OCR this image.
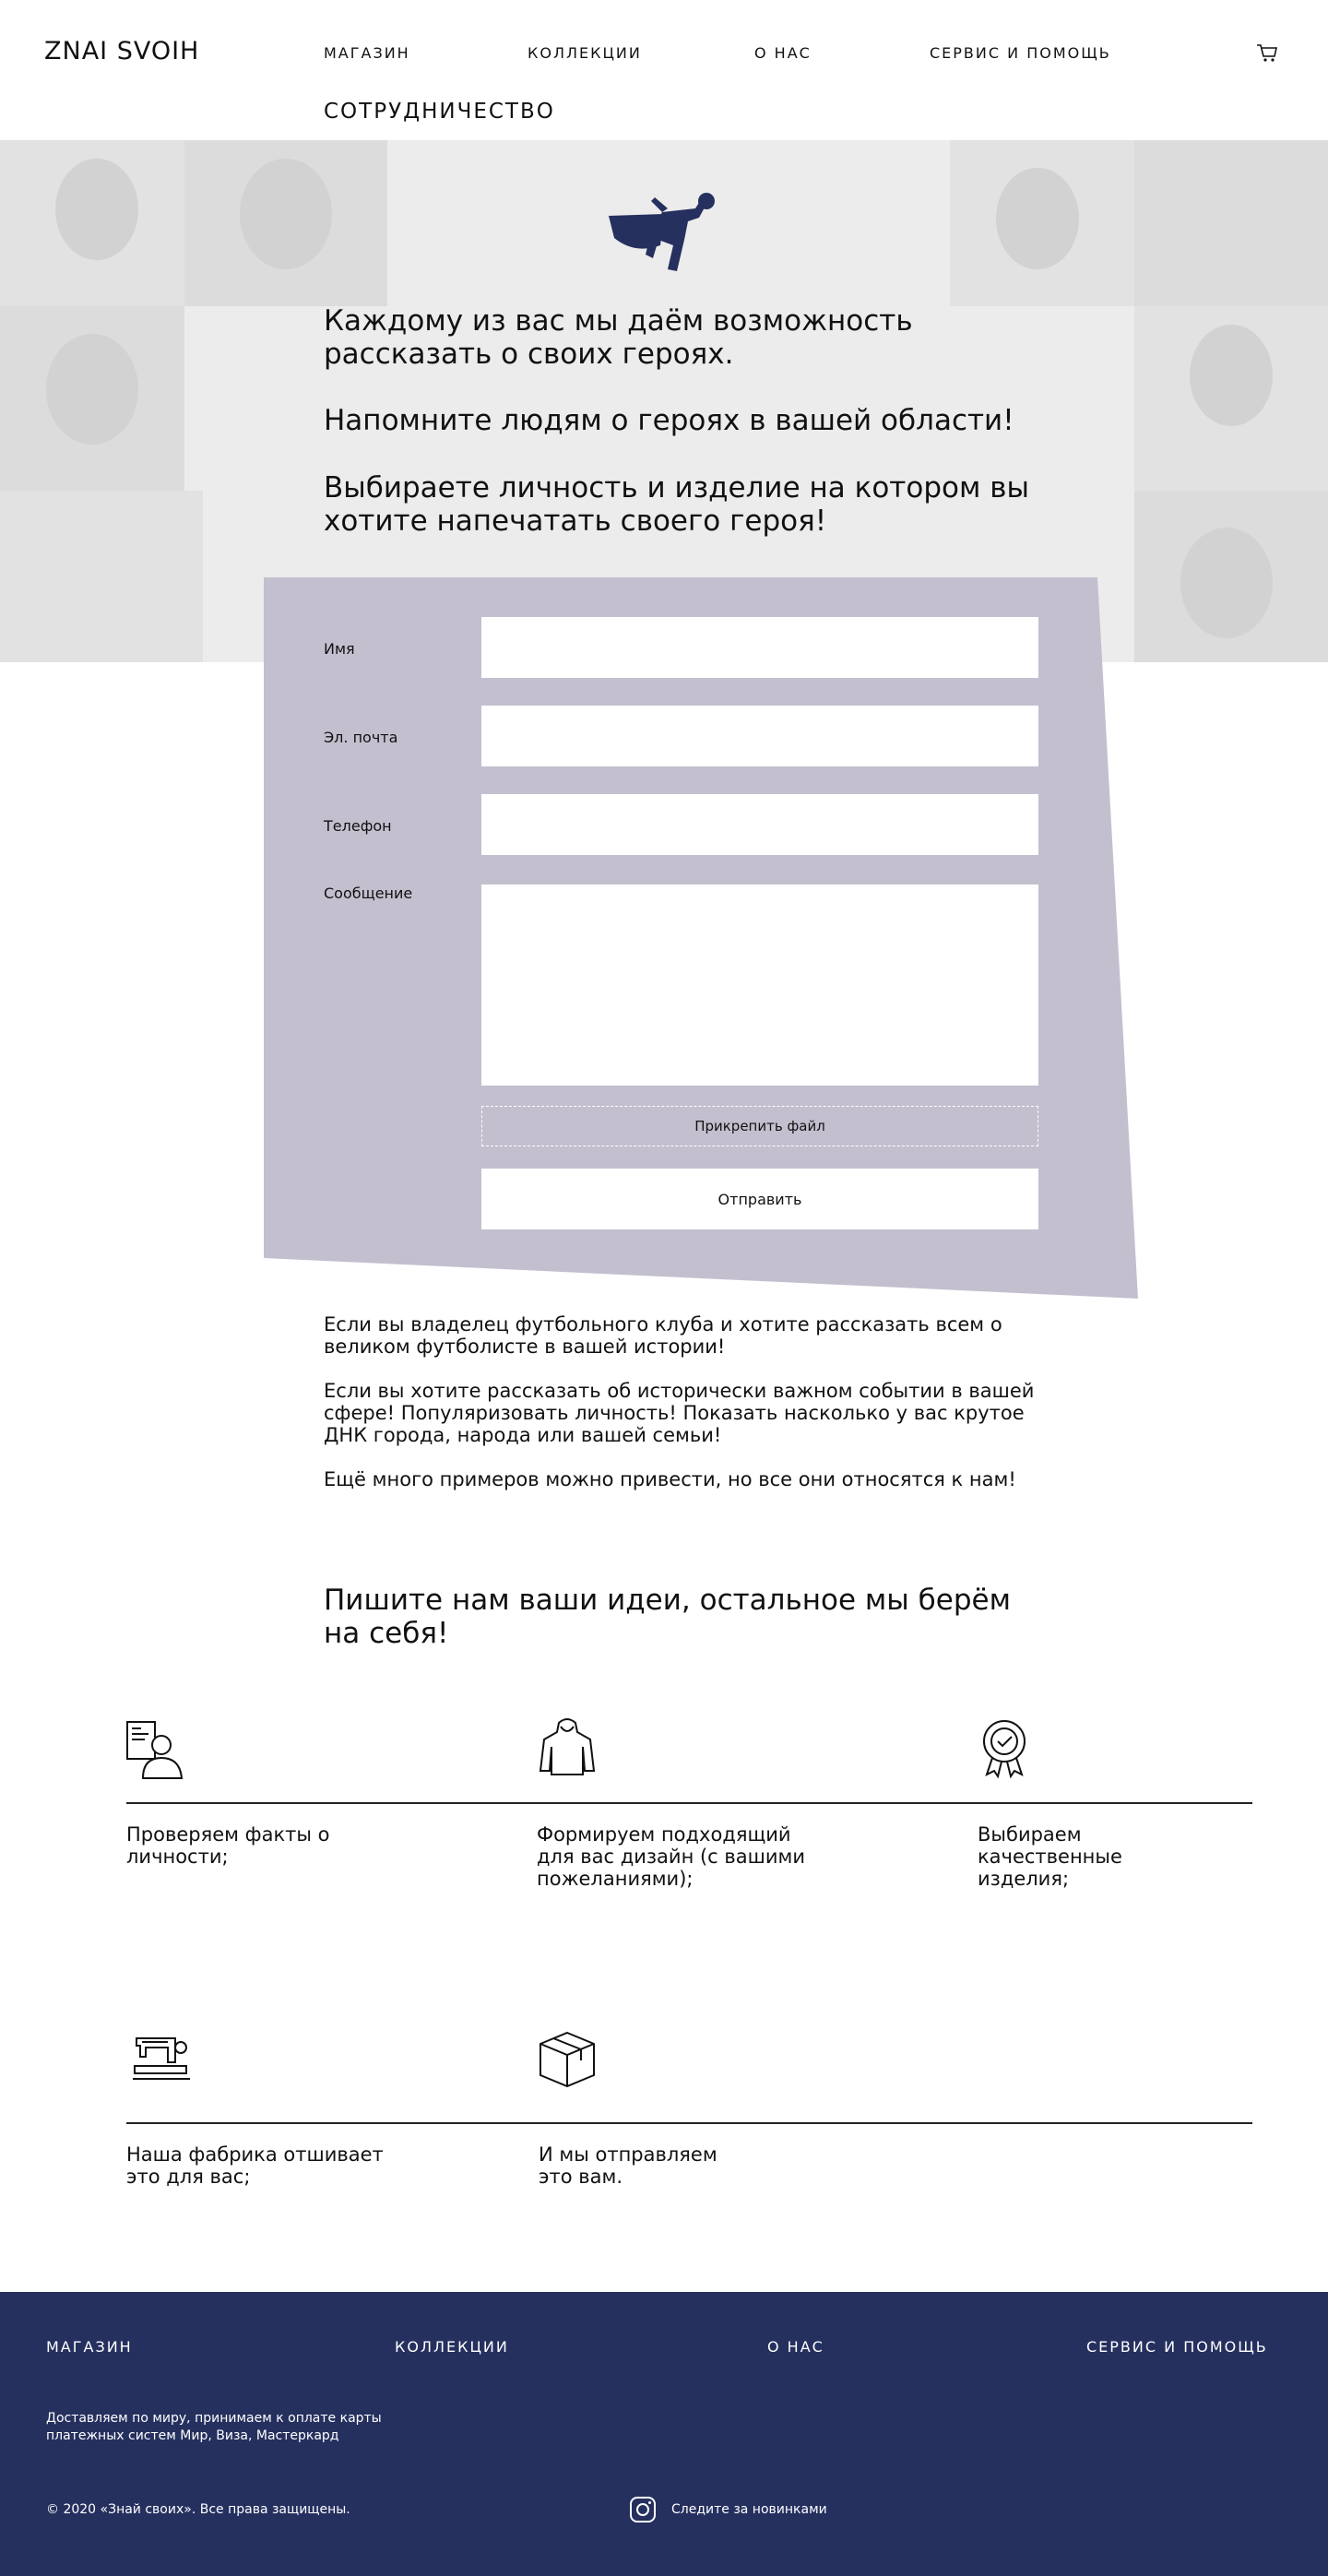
ZNAI SVOIH	МАГАЗИН	КОЛЛЕКЦИИ	О НАС	СЕРВИС И ПОМОЩЬ
СОТРУДНИЧЕСТВО
Каждому из вас мы даём возможность рассказать о своих героях.
Напомните людям о героях в вашей области!
Выбираете личность и изделие на котором вы хотите напечатать своего героя!
Имя
Эл. почта
Телефон
Сообщение
Прикрепить файл
Отправить
Если вы владелец футбольного клуба и хотите рассказать всем о великом футболисте в вашей истории!
Если вы хотите рассказать об исторически важном событии в вашей сфере! Популяризовать личность! Показать насколько у вас крутое ДНК города, народа или вашей семьи!
Ещё много примеров можно привести, но все они относятся к нам!
Пишите нам ваши идеи, остальное мы берём на себя!
Проверяем факты о личности;
Формируем подходящий для вас дизайн (с вашими пожеланиями);
Выбираем качественные изделия;
Наша фабрика отшивает это для вас;
И мы отправляем это вам.
МАГАЗИН	КОЛЛЕКЦИИ	О НАС	СЕРВИС И ПОМОЩЬ
Доставляем по миру, принимаем к оплате карты платежных систем Мир, Виза, Мастеркард
© 2020 «Знай своих». Все права защищены.	Следите за новинками
